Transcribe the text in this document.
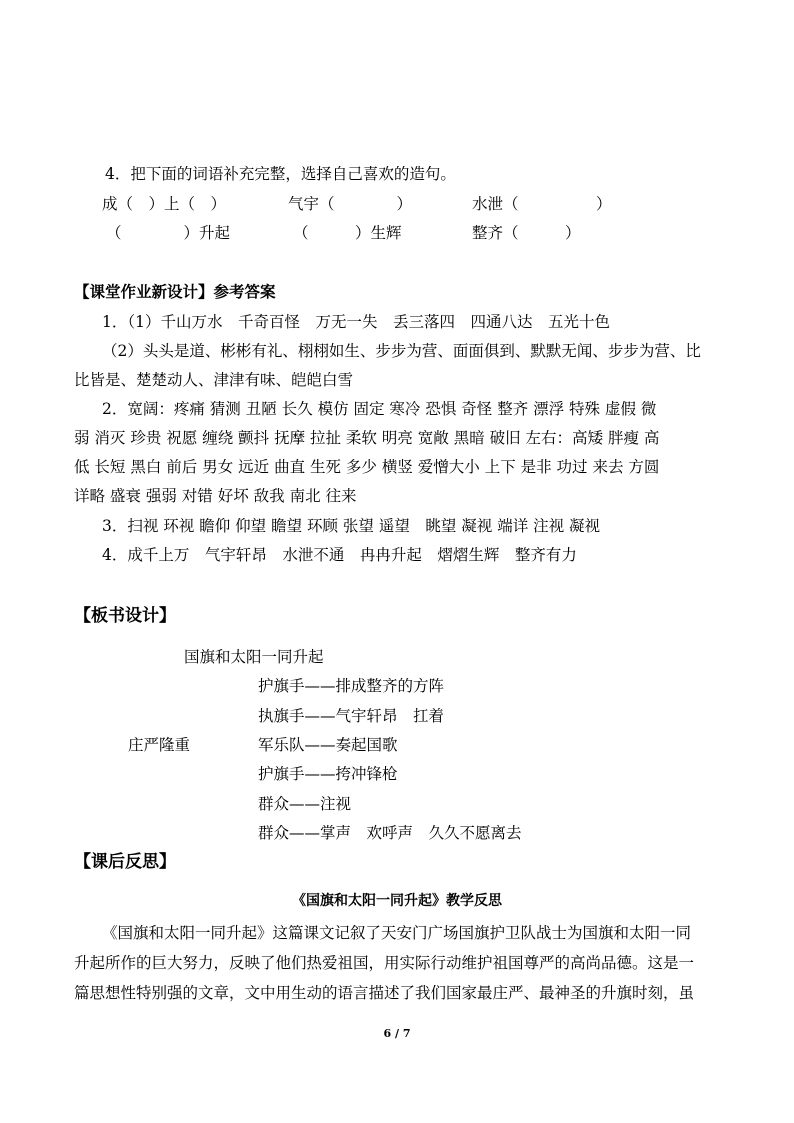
4．把下面的词语补充完整，选择自己喜欢的造句。
成（　）上（　）	气宇（　　　　）	水泄（　　　　　）
（　　　　）升起	（　　　）生辉	整齐（　　　）
【课堂作业新设计】参考答案
1．（1）千山万水　千奇百怪　万无一失　丢三落四　四通八达　五光十色
（2）头头是道、彬彬有礼、栩栩如生、步步为营、面面俱到、默默无闻、步步为营、比
比皆是、楚楚动人、津津有味、皑皑白雪
2．宽阔：疼痛 猜测 丑陋 长久 模仿 固定 寒冷 恐惧 奇怪 整齐 漂浮 特殊 虚假 微
弱 消灭 珍贵 祝愿 缠绕 颤抖 抚摩 拉扯 柔软 明亮 宽敞 黑暗 破旧 左右：高矮 胖瘦 高
低 长短 黑白 前后 男女 远近 曲直 生死 多少 横竖 爱憎大小 上下 是非 功过 来去 方圆
详略 盛衰 强弱 对错 好坏 敌我 南北 往来
3．扫视 环视 瞻仰 仰望 瞻望 环顾 张望 遥望　眺望 凝视 端详 注视 凝视
4．成千上万　气宇轩昂　水泄不通　冉冉升起　熠熠生辉　整齐有力
【板书设计】
国旗和太阳一同升起
护旗手——排成整齐的方阵
执旗手——气宇轩昂　扛着
庄严隆重	军乐队——奏起国歌
护旗手——挎冲锋枪
群众——注视
群众——掌声　欢呼声　久久不愿离去
【课后反思】
《国旗和太阳一同升起》教学反思
《国旗和太阳一同升起》这篇课文记叙了天安门广场国旗护卫队战士为国旗和太阳一同
升起所作的巨大努力，反映了他们热爱祖国，用实际行动维护祖国尊严的高尚品德。这是一
篇思想性特别强的文章，文中用生动的语言描述了我们国家最庄严、最神圣的升旗时刻，虽
6 / 7
